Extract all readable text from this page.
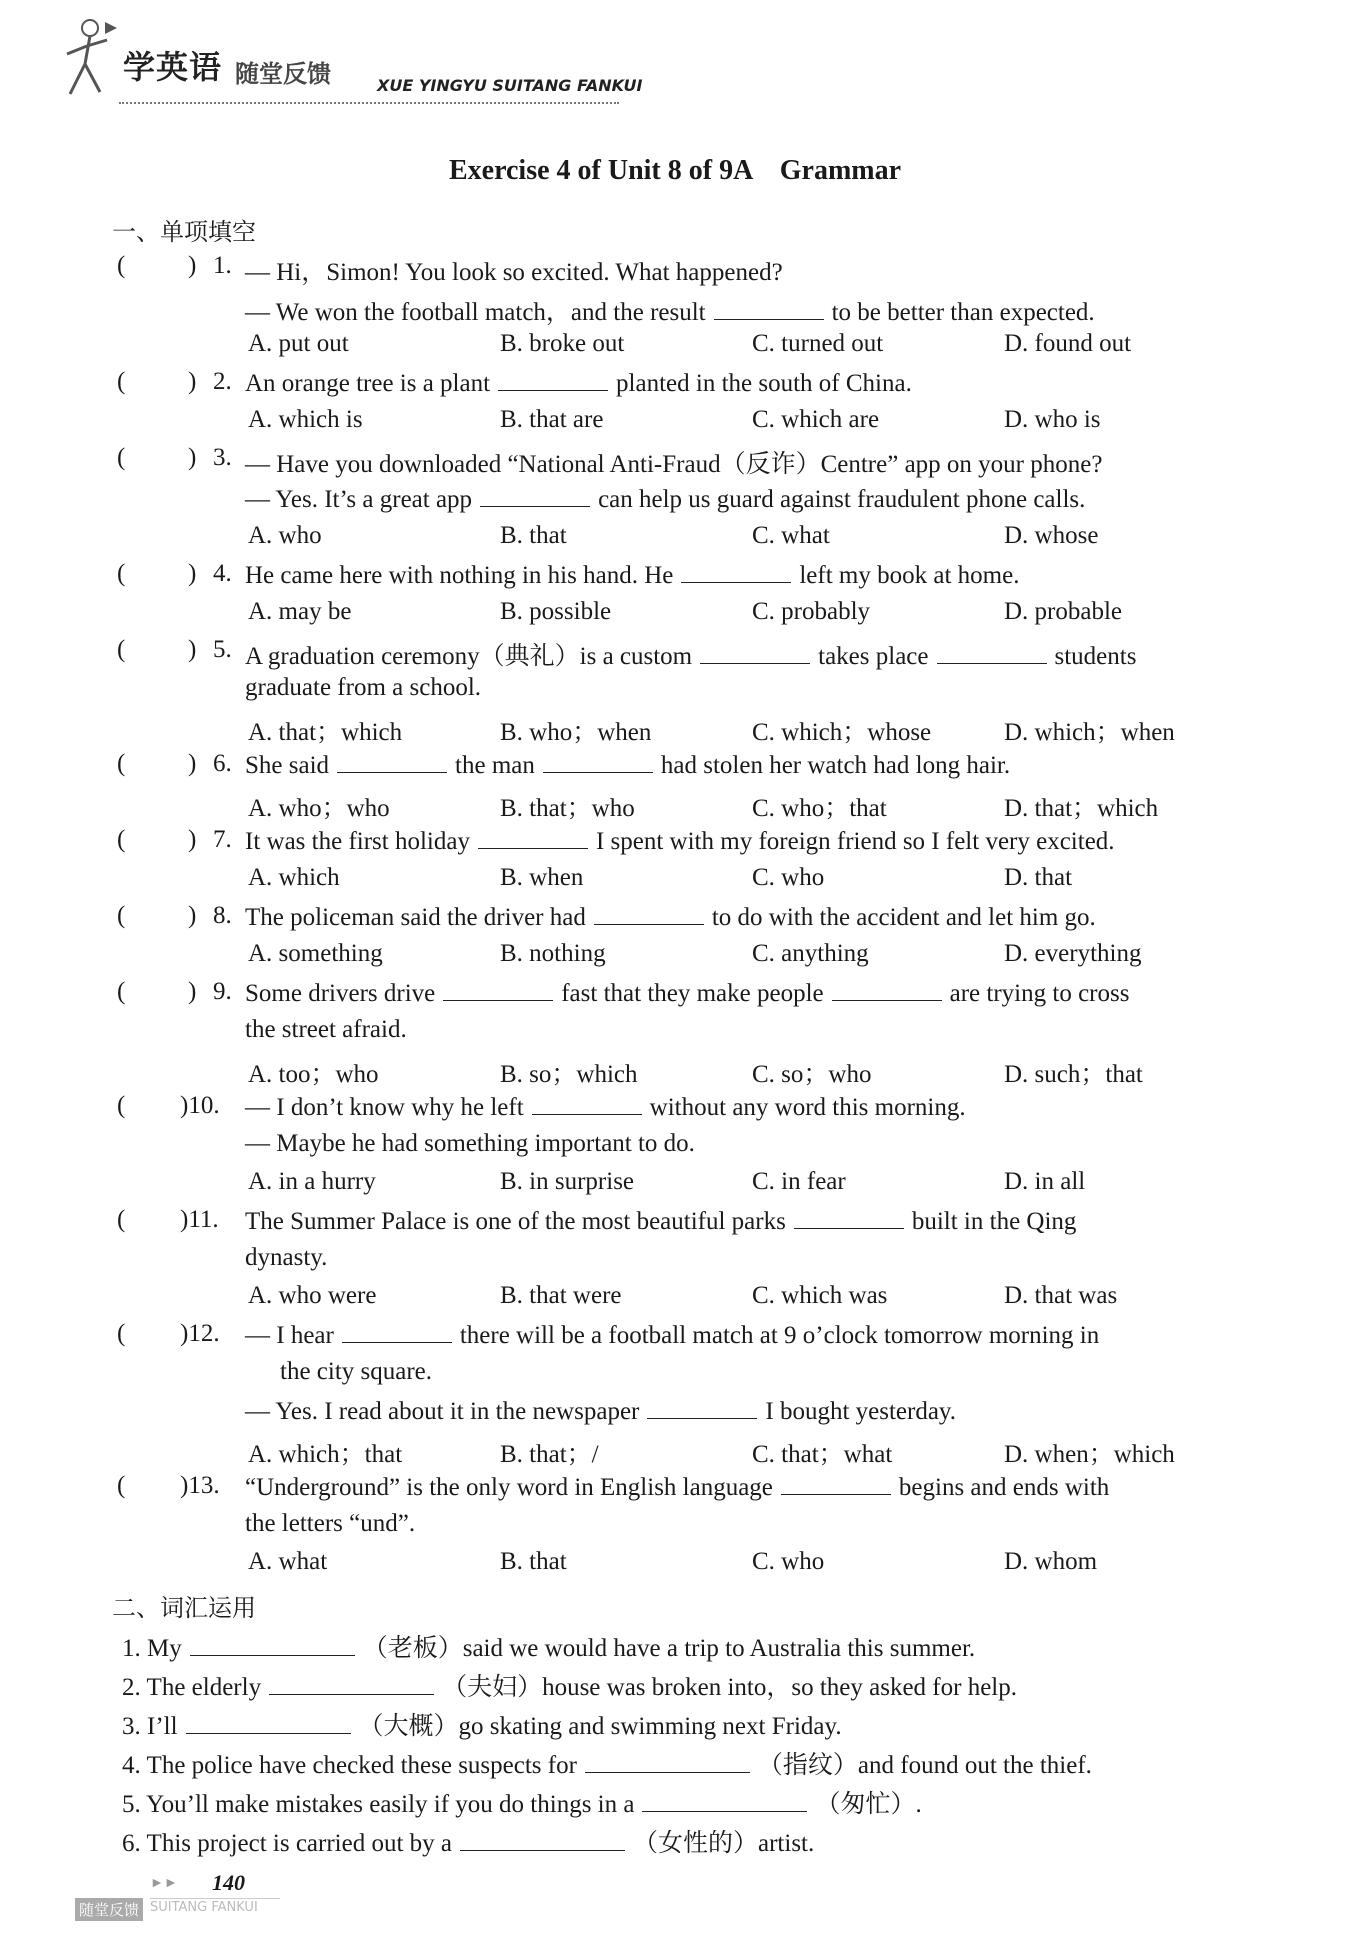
学英语 随堂反馈	XUE YINGYU SUITANG FANKUI
Exercise 4 of Unit 8 of 9A　Grammar
一、单项填空
(	) 1. — Hi，Simon! You look so excited. What happened?
— We won the football match，and the result	to be better than expected.
A. put out	B. broke out	C. turned out	D. found out
(	) 2. An orange tree is a plant	planted in the south of China.
A. which is	B. that are	C. which are	D. who is
(	) 3. — Have you downloaded “National Anti-Fraud（反诈）Centre” app on your phone?
— Yes. It’s a great app	can help us guard against fraudulent phone calls.
A. who	B. that	C. what	D. whose
(	) 4. He came here with nothing in his hand. He	left my book at home.
A. may be	B. possible	C. probably	D. probable
(	) 5. A graduation ceremony（典礼）is a custom	takes place	students
graduate from a school.
A. that；which	B. who；when	C. which；whose	D. which；when
(	) 6. She said	the man	had stolen her watch had long hair.
A. who；who	B. that；who	C. who；that	D. that；which
(	) 7. It was the first holiday	I spent with my foreign friend so I felt very excited.
A. which	B. when	C. who	D. that
(	) 8. The policeman said the driver had	to do with the accident and let him go.
A. something	B. nothing	C. anything	D. everything
(	) 9. Some drivers drive	fast that they make people	are trying to cross
the street afraid.
A. too；who	B. so；which	C. so；who	D. such；that
( )10. — I don’t know why he left	without any word this morning.
— Maybe he had something important to do.
A. in a hurry	B. in surprise	C. in fear	D. in all
( )11. The Summer Palace is one of the most beautiful parks	built in the Qing
dynasty.
A. who were	B. that were	C. which was	D. that was
( )12. — I hear	there will be a football match at 9 o’clock tomorrow morning in
the city square.
— Yes. I read about it in the newspaper	I bought yesterday.
A. which；that	B. that；/	C. that；what	D. when；which
( )13. “Underground” is the only word in English language	begins and ends with
the letters “und”.
A. what	B. that	C. who	D. whom
二、词汇运用
1. My	（老板）said we would have a trip to Australia this summer.
2. The elderly	（夫妇）house was broken into，so they asked for help.
3. I’ll	（大概）go skating and swimming next Friday.
4. The police have checked these suspects for	（指纹）and found out the thief.
5. You’ll make mistakes easily if you do things in a	（匆忙）.
6. This project is carried out by a	（女性的）artist.
►► 140
随堂反馈 SUITANG FANKUI
